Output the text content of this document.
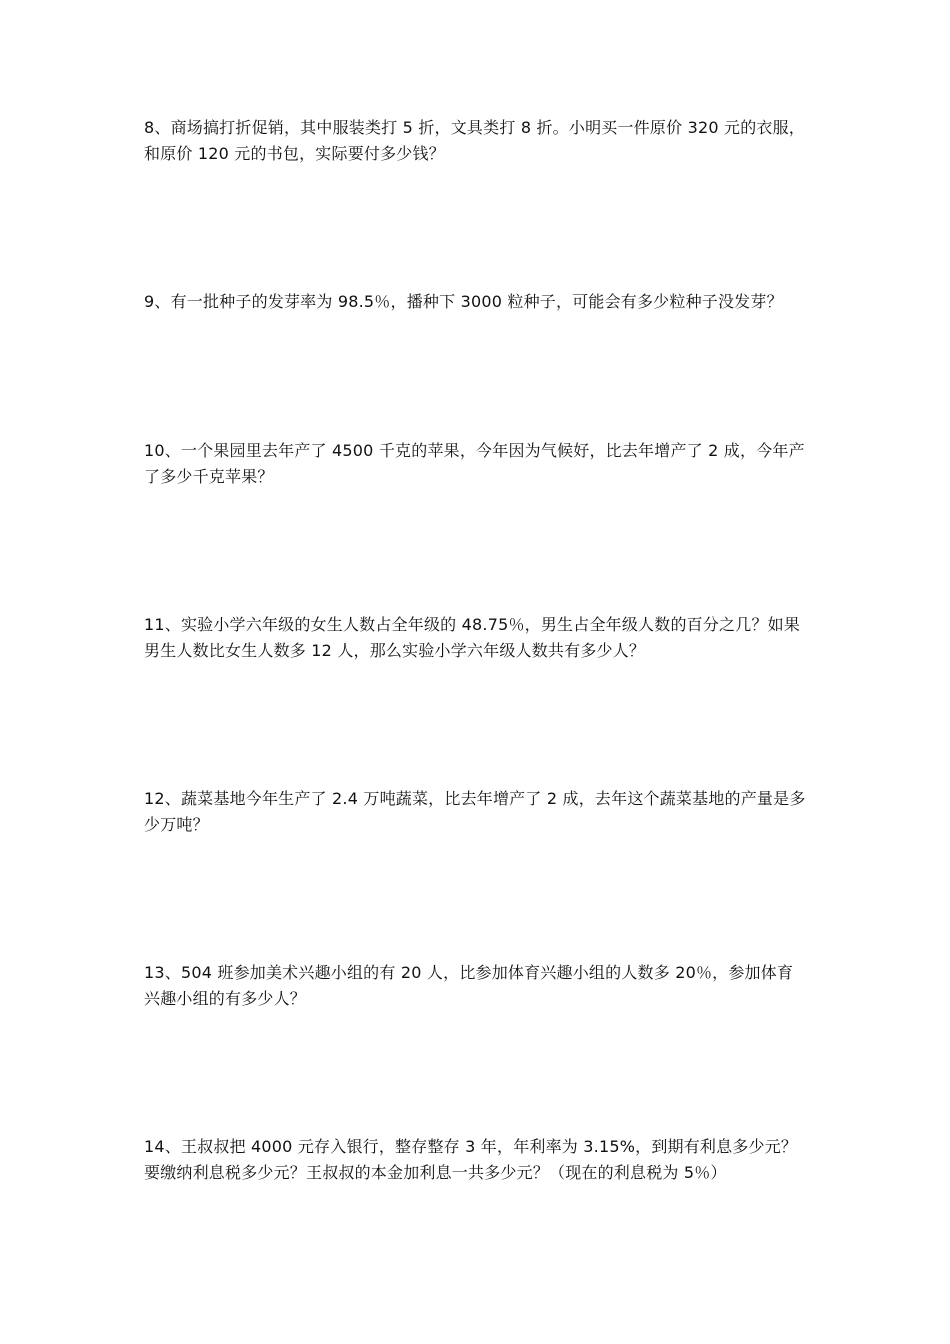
8、商场搞打折促销，其中服装类打 5 折，文具类打 8 折。小明买一件原价 320 元的衣服，和原价 120 元的书包，实际要付多少钱？

9、有一批种子的发芽率为 98.5％，播种下 3000 粒种子，可能会有多少粒种子没发芽？

10、一个果园里去年产了 4500 千克的苹果，今年因为气候好，比去年增产了 2 成，今年产了多少千克苹果？

11、实验小学六年级的女生人数占全年级的 48.75％，男生占全年级人数的百分之几？如果男生人数比女生人数多 12 人，那么实验小学六年级人数共有多少人？

12、蔬菜基地今年生产了 2.4 万吨蔬菜，比去年增产了 2 成，去年这个蔬菜基地的产量是多少万吨？

13、504 班参加美术兴趣小组的有 20 人，比参加体育兴趣小组的人数多 20％，参加体育兴趣小组的有多少人？

14、王叔叔把 4000 元存入银行，整存整存 3 年，年利率为 3.15%，到期有利息多少元？要缴纳利息税多少元？王叔叔的本金加利息一共多少元？（现在的利息税为 5％）
